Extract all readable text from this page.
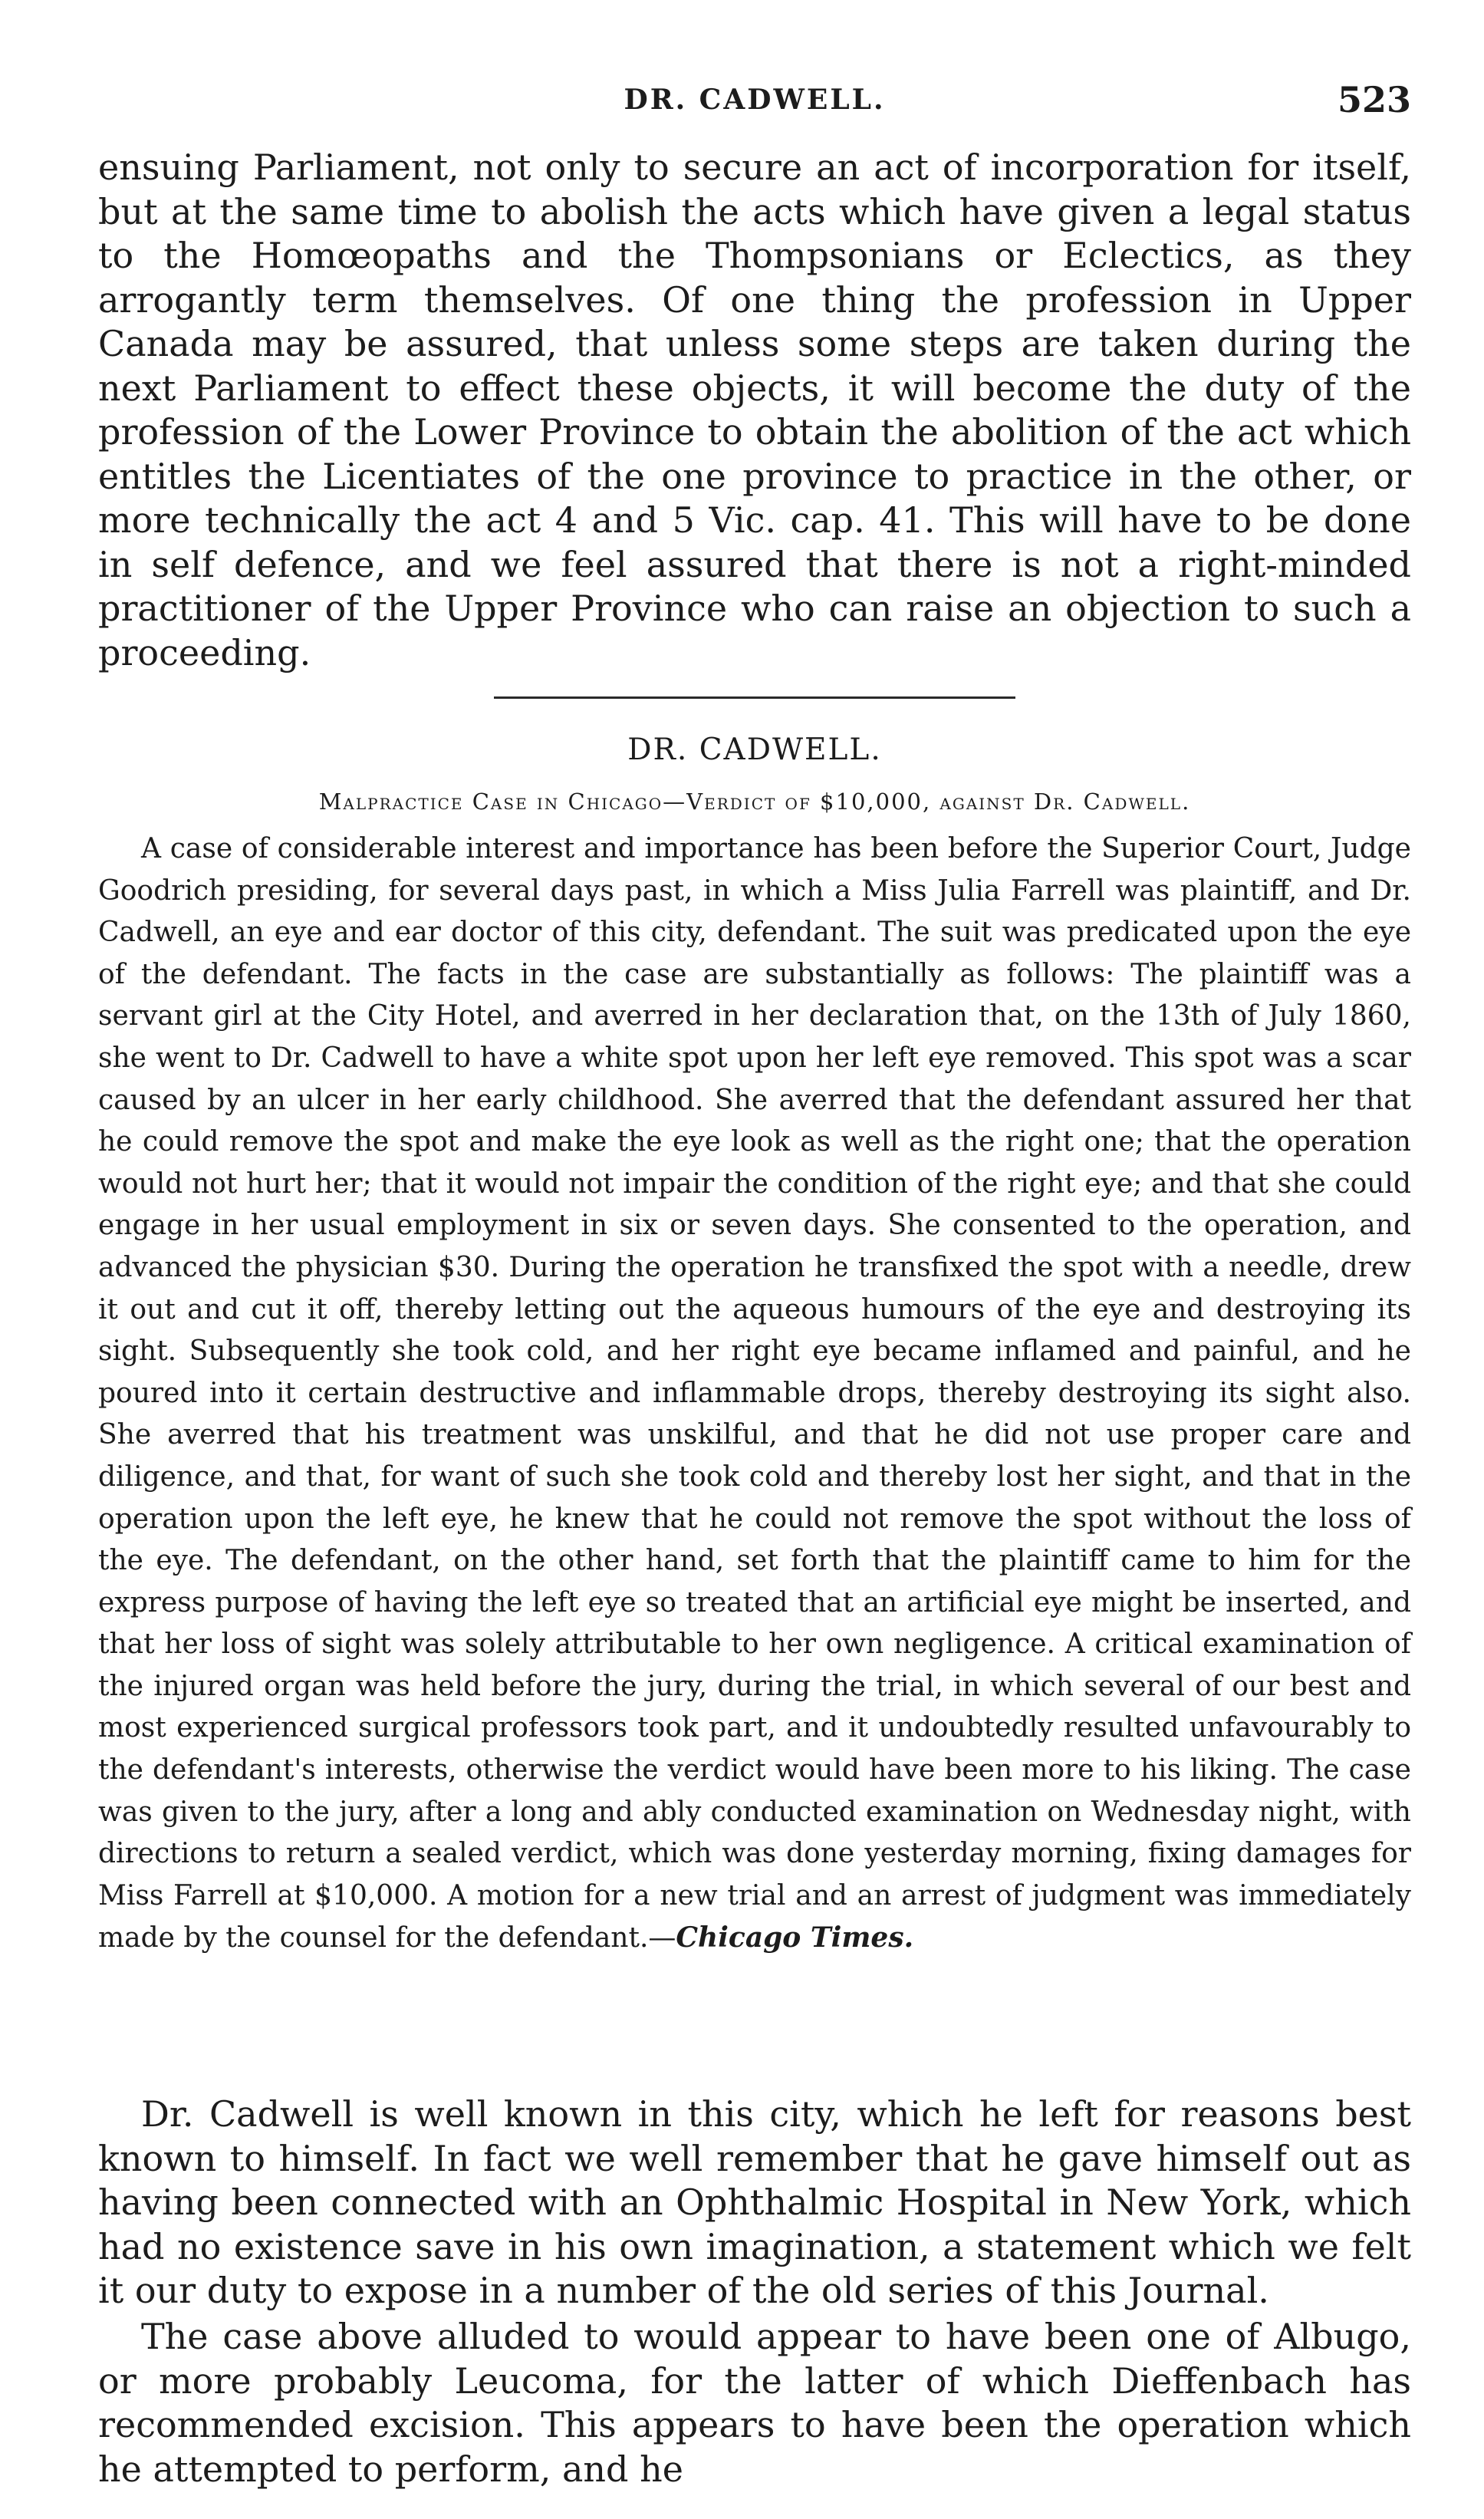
DR. CADWELL.	523

ensuing Parliament, not only to secure an act of incorporation for itself, but at the same time to abolish the acts which have given a legal status to the Homœopaths and the Thompsonians or Eclectics, as they arrogantly term themselves. Of one thing the profession in Upper Canada may be assured, that unless some steps are taken during the next Parliament to effect these objects, it will become the duty of the profession of the Lower Province to obtain the abolition of the act which entitles the Licentiates of the one province to practice in the other, or more technically the act 4 and 5 Vic. cap. 41. This will have to be done in self defence, and we feel assured that there is not a right-minded practitioner of the Upper Province who can raise an objection to such a proceeding.

DR. CADWELL.
Malpractice Case in Chicago—Verdict of $10,000, against Dr. Cadwell.

A case of considerable interest and importance has been before the Superior Court, Judge Goodrich presiding, for several days past, in which a Miss Julia Farrell was plaintiff, and Dr. Cadwell, an eye and ear doctor of this city, defendant. The suit was predicated upon the eye of the defendant. The facts in the case are substantially as follows: The plaintiff was a servant girl at the City Hotel, and averred in her declaration that, on the 13th of July 1860, she went to Dr. Cadwell to have a white spot upon her left eye removed. This spot was a scar caused by an ulcer in her early childhood. She averred that the defendant assured her that he could remove the spot and make the eye look as well as the right one; that the operation would not hurt her; that it would not impair the condition of the right eye; and that she could engage in her usual employment in six or seven days. She consented to the operation, and advanced the physician $30. During the operation he transfixed the spot with a needle, drew it out and cut it off, thereby letting out the aqueous humours of the eye and destroying its sight. Subsequently she took cold, and her right eye became inflamed and painful, and he poured into it certain destructive and inflammable drops, thereby destroying its sight also. She averred that his treatment was unskilful, and that he did not use proper care and diligence, and that, for want of such she took cold and thereby lost her sight, and that in the operation upon the left eye, he knew that he could not remove the spot without the loss of the eye. The defendant, on the other hand, set forth that the plaintiff came to him for the express purpose of having the left eye so treated that an artificial eye might be inserted, and that her loss of sight was solely attributable to her own negligence. A critical examination of the injured organ was held before the jury, during the trial, in which several of our best and most experienced surgical professors took part, and it undoubtedly resulted unfavourably to the defendant's interests, otherwise the verdict would have been more to his liking. The case was given to the jury, after a long and ably conducted examination on Wednesday night, with directions to return a sealed verdict, which was done yesterday morning, fixing damages for Miss Farrell at $10,000. A motion for a new trial and an arrest of judgment was immediately made by the counsel for the defendant.—Chicago Times.

Dr. Cadwell is well known in this city, which he left for reasons best known to himself. In fact we well remember that he gave himself out as having been connected with an Ophthalmic Hospital in New York, which had no existence save in his own imagination, a statement which we felt it our duty to expose in a number of the old series of this Journal.

The case above alluded to would appear to have been one of Albugo, or more probably Leucoma, for the latter of which Dieffenbach has recommended excision. This appears to have been the operation which he attempted to perform, and he
